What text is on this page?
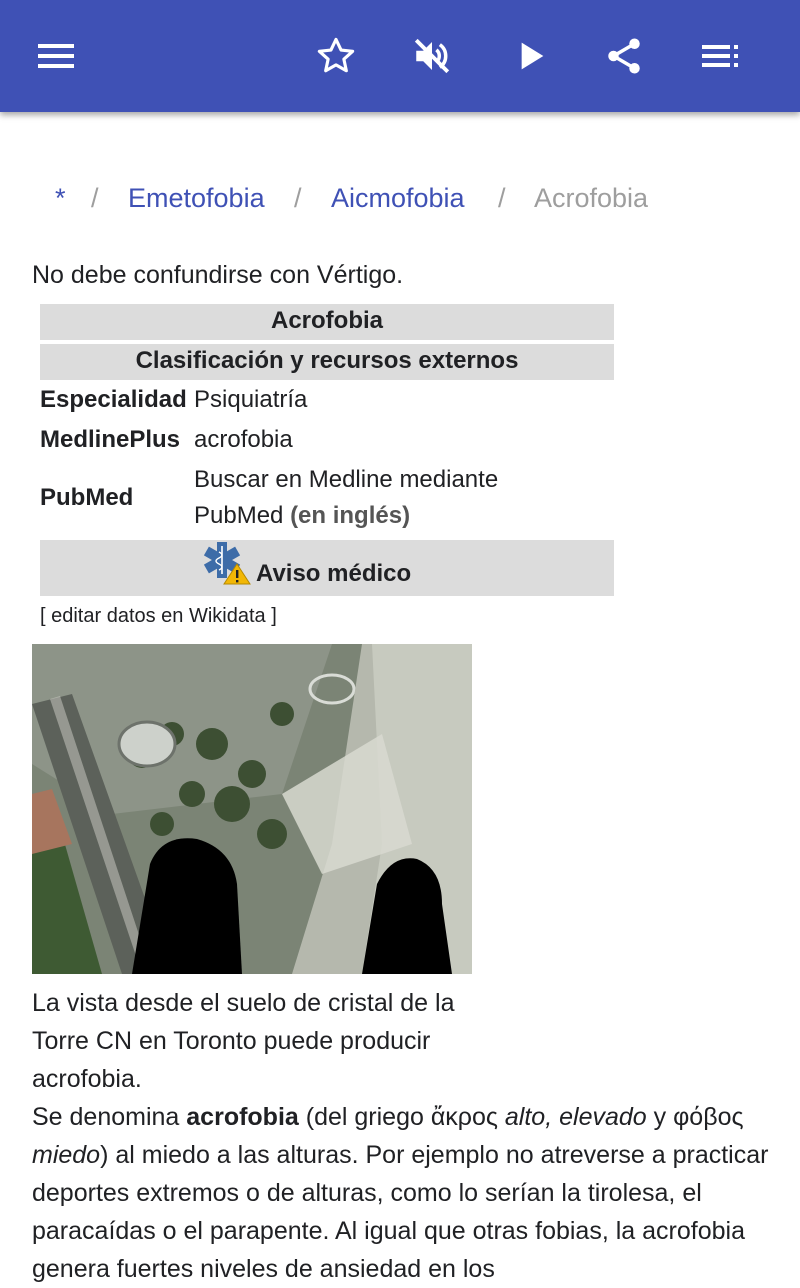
* / Emetofobia / Aicmofobia / Acrofobia
No debe confundirse con Vértigo.
Acrofobia
Clasificación y recursos externos
Especialidad Psiquiatría
MedlinePlus acrofobia
PubMed
Buscar en Medline mediante
PubMed (en inglés)
Aviso médico
[ editar datos en Wikidata ]
La vista desde el suelo de cristal de la Torre CN en Toronto puede producir acrofobia.
Se denomina acrofobia (del griego ἄκρος alto, elevado y φόβος miedo) al miedo a las alturas. Por ejemplo no atreverse a practicar deportes extremos o de alturas, como lo serían la tirolesa, el paracaídas o el parapente. Al igual que otras fobias, la acrofobia genera fuertes niveles de ansiedad en los
